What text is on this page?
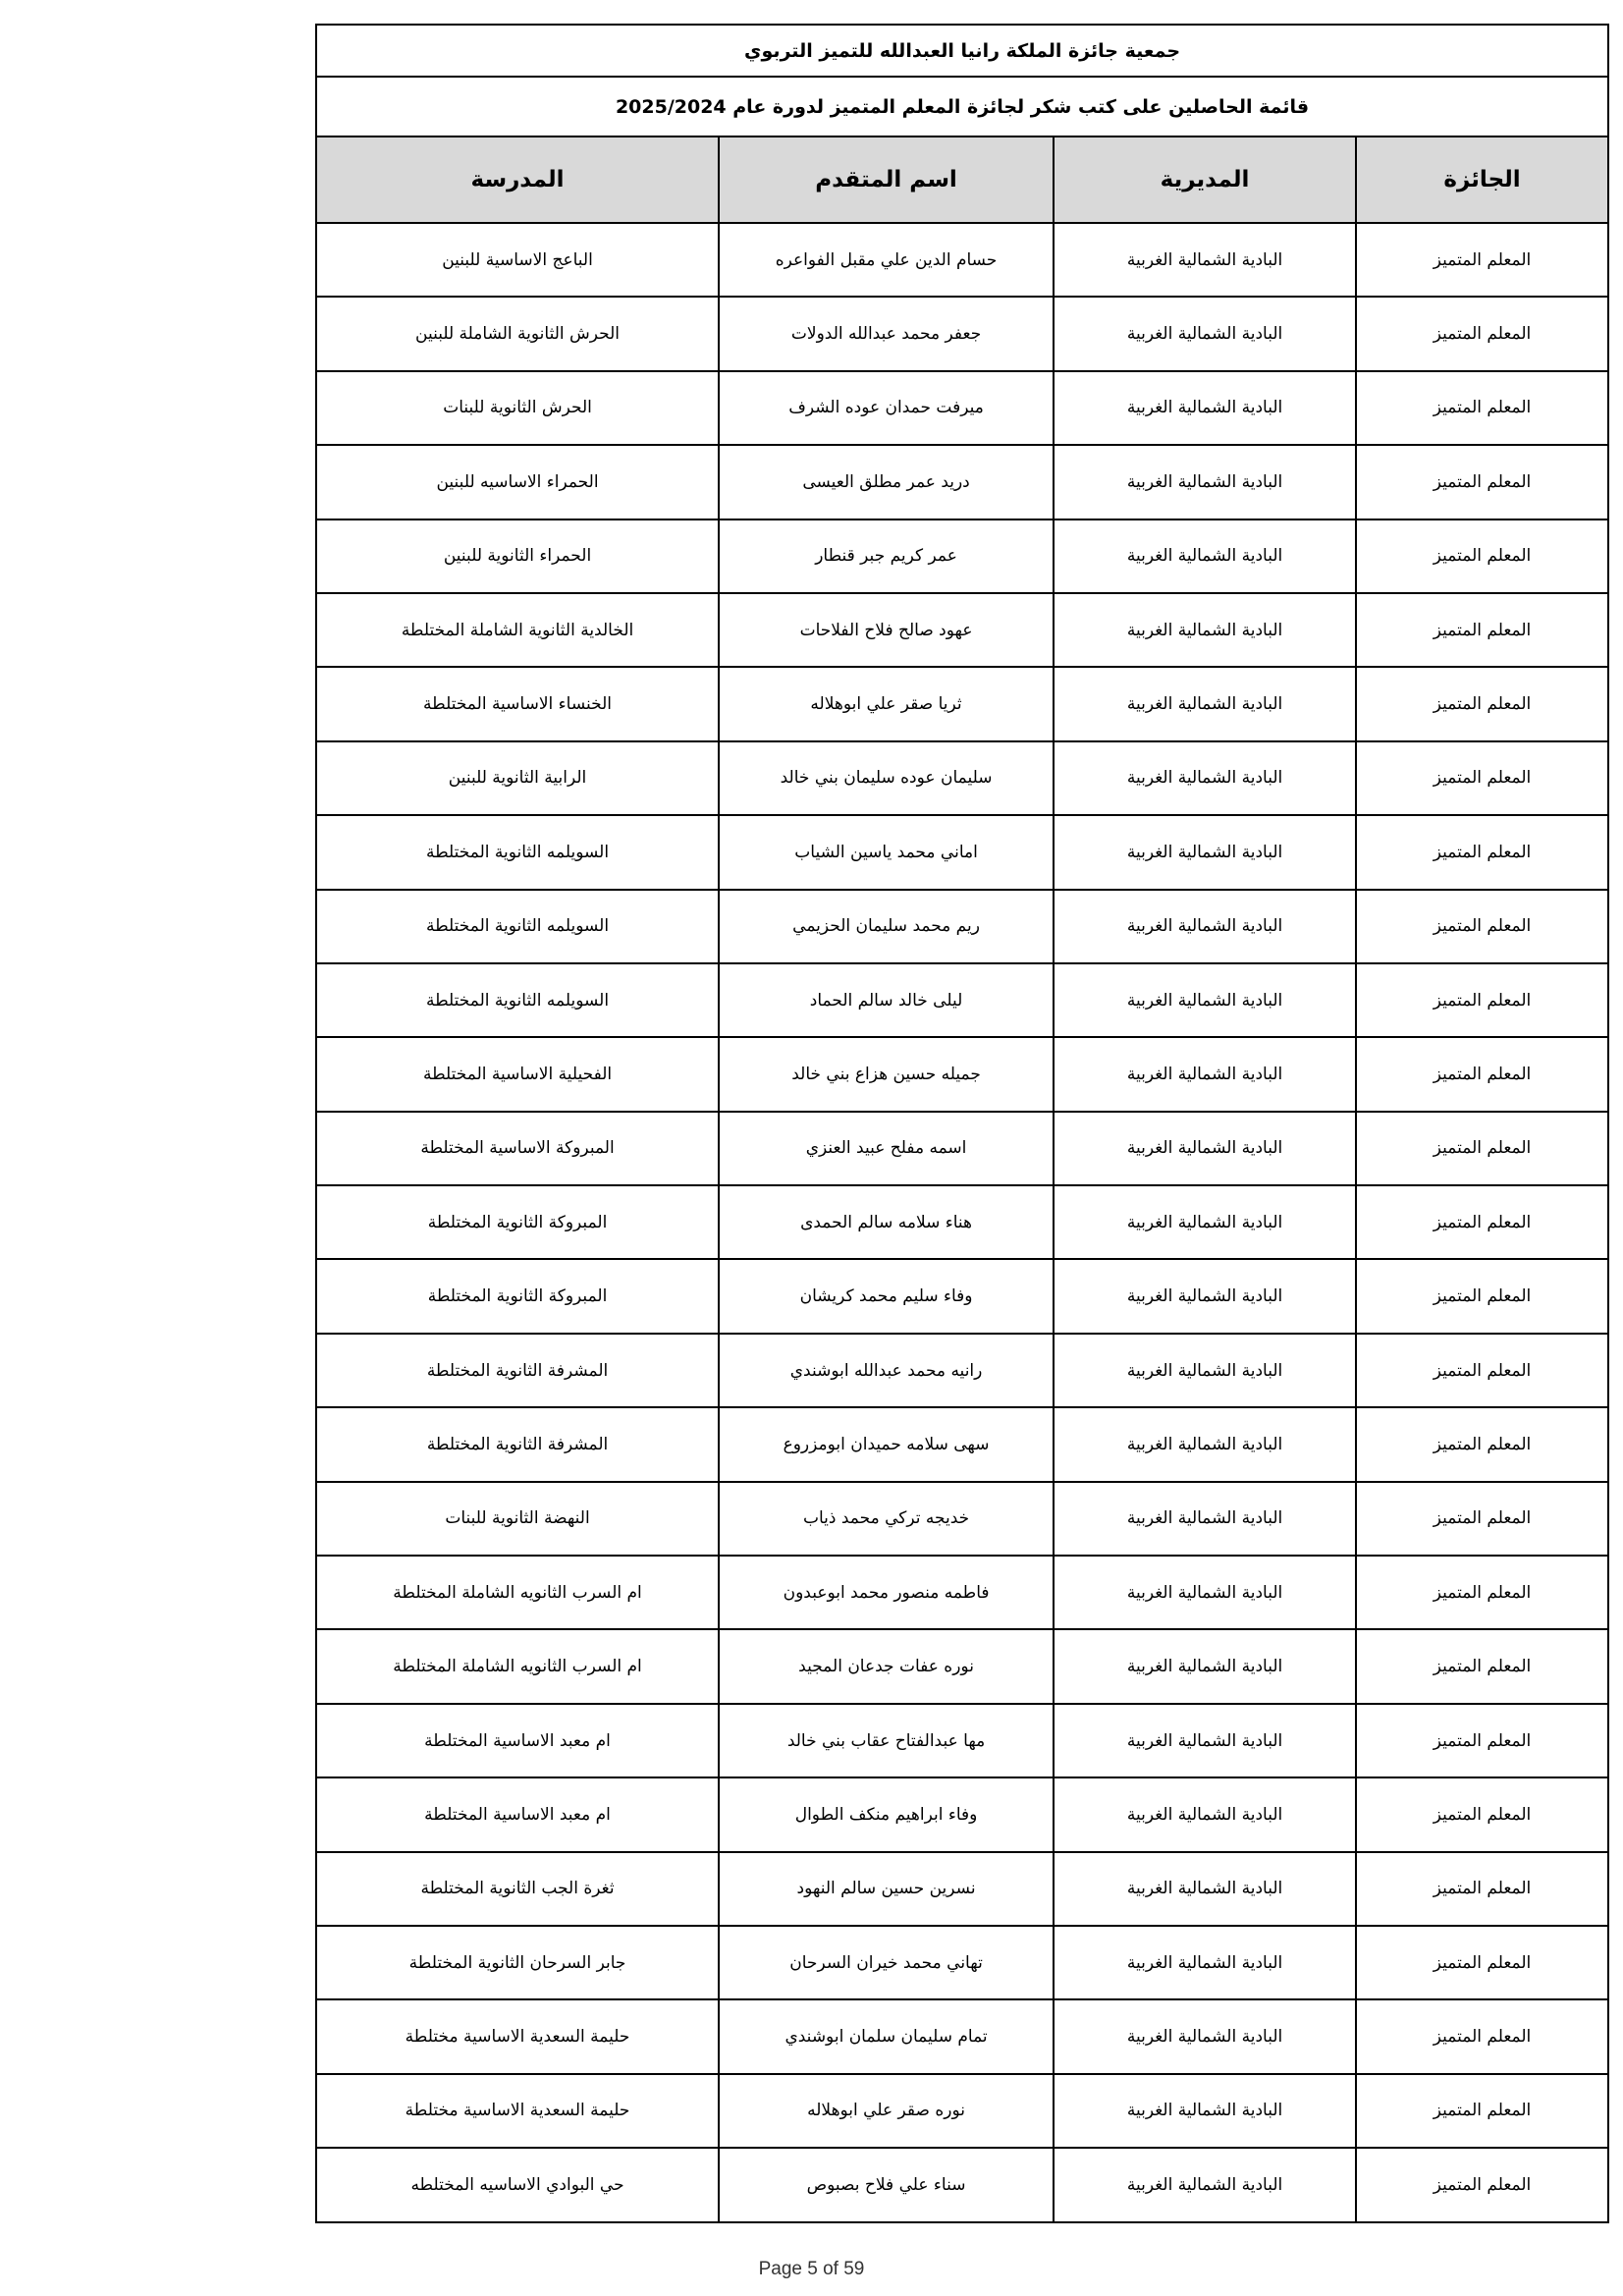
جمعية جائزة الملكة رانيا العبدالله للتميز التربوي			
قائمة الحاصلين على كتب شكر لجائزة المعلم المتميز لدورة عام 2025/2024			
الجائزة	المديرية	اسم المتقدم	المدرسة
المعلم المتميز	البادية الشمالية الغربية	حسام الدين علي مقبل الفواعره	الباعج الاساسية للبنين
المعلم المتميز	البادية الشمالية الغربية	جعفر محمد عبدالله الدولات	الحرش الثانوية الشاملة للبنين
المعلم المتميز	البادية الشمالية الغربية	ميرفت حمدان عوده الشرف	الحرش الثانوية للبنات
المعلم المتميز	البادية الشمالية الغربية	دريد عمر مطلق العيسى	الحمراء الاساسيه للبنين
المعلم المتميز	البادية الشمالية الغربية	عمر كريم جبر قنطار	الحمراء الثانوية للبنين
المعلم المتميز	البادية الشمالية الغربية	عهود صالح فلاح الفلاحات	الخالدية الثانوية الشاملة المختلطة
المعلم المتميز	البادية الشمالية الغربية	ثريا صقر علي ابوهلاله	الخنساء الاساسية المختلطة
المعلم المتميز	البادية الشمالية الغربية	سليمان عوده سليمان بني خالد	الرابية الثانوية للبنين
المعلم المتميز	البادية الشمالية الغربية	اماني محمد ياسين الشياب	السويلمه الثانوية المختلطة
المعلم المتميز	البادية الشمالية الغربية	ريم محمد سليمان الحزيمي	السويلمه الثانوية المختلطة
المعلم المتميز	البادية الشمالية الغربية	ليلى خالد سالم الحماد	السويلمه الثانوية المختلطة
المعلم المتميز	البادية الشمالية الغربية	جميله حسين هزاع بني خالد	الفحيلية الاساسية المختلطة
المعلم المتميز	البادية الشمالية الغربية	اسمه مفلح عبيد العنزي	المبروكة الاساسية المختلطة
المعلم المتميز	البادية الشمالية الغربية	هناء سلامه سالم الحمدى	المبروكة الثانوية المختلطة
المعلم المتميز	البادية الشمالية الغربية	وفاء سليم محمد كريشان	المبروكة الثانوية المختلطة
المعلم المتميز	البادية الشمالية الغربية	رانيه محمد عبدالله ابوشندي	المشرفة الثانوية المختلطة
المعلم المتميز	البادية الشمالية الغربية	سهى سلامه حميدان ابومزروع	المشرفة الثانوية المختلطة
المعلم المتميز	البادية الشمالية الغربية	خديجه تركي محمد ذياب	النهضة الثانوية للبنات
المعلم المتميز	البادية الشمالية الغربية	فاطمه منصور محمد ابوعبدون	ام السرب الثانويه الشاملة المختلطة
المعلم المتميز	البادية الشمالية الغربية	نوره عفات جدعان المجيد	ام السرب الثانويه الشاملة المختلطة
المعلم المتميز	البادية الشمالية الغربية	مها عبدالفتاح عقاب بني خالد	ام معبد الاساسية المختلطة
المعلم المتميز	البادية الشمالية الغربية	وفاء ابراهيم منكف الطوال	ام معبد الاساسية المختلطة
المعلم المتميز	البادية الشمالية الغربية	نسرين حسين سالم النهود	ثغرة الجب الثانوية المختلطة
المعلم المتميز	البادية الشمالية الغربية	تهاني محمد خيران السرحان	جابر السرحان الثانوية المختلطة
المعلم المتميز	البادية الشمالية الغربية	تمام سليمان سلمان ابوشندي	حليمة السعدية الاساسية مختلطة
المعلم المتميز	البادية الشمالية الغربية	نوره صقر علي ابوهلاله	حليمة السعدية الاساسية مختلطة
المعلم المتميز	البادية الشمالية الغربية	سناء علي فلاح بصبوص	حي البوادي الاساسيه المختلطه
Page 5 of 59
